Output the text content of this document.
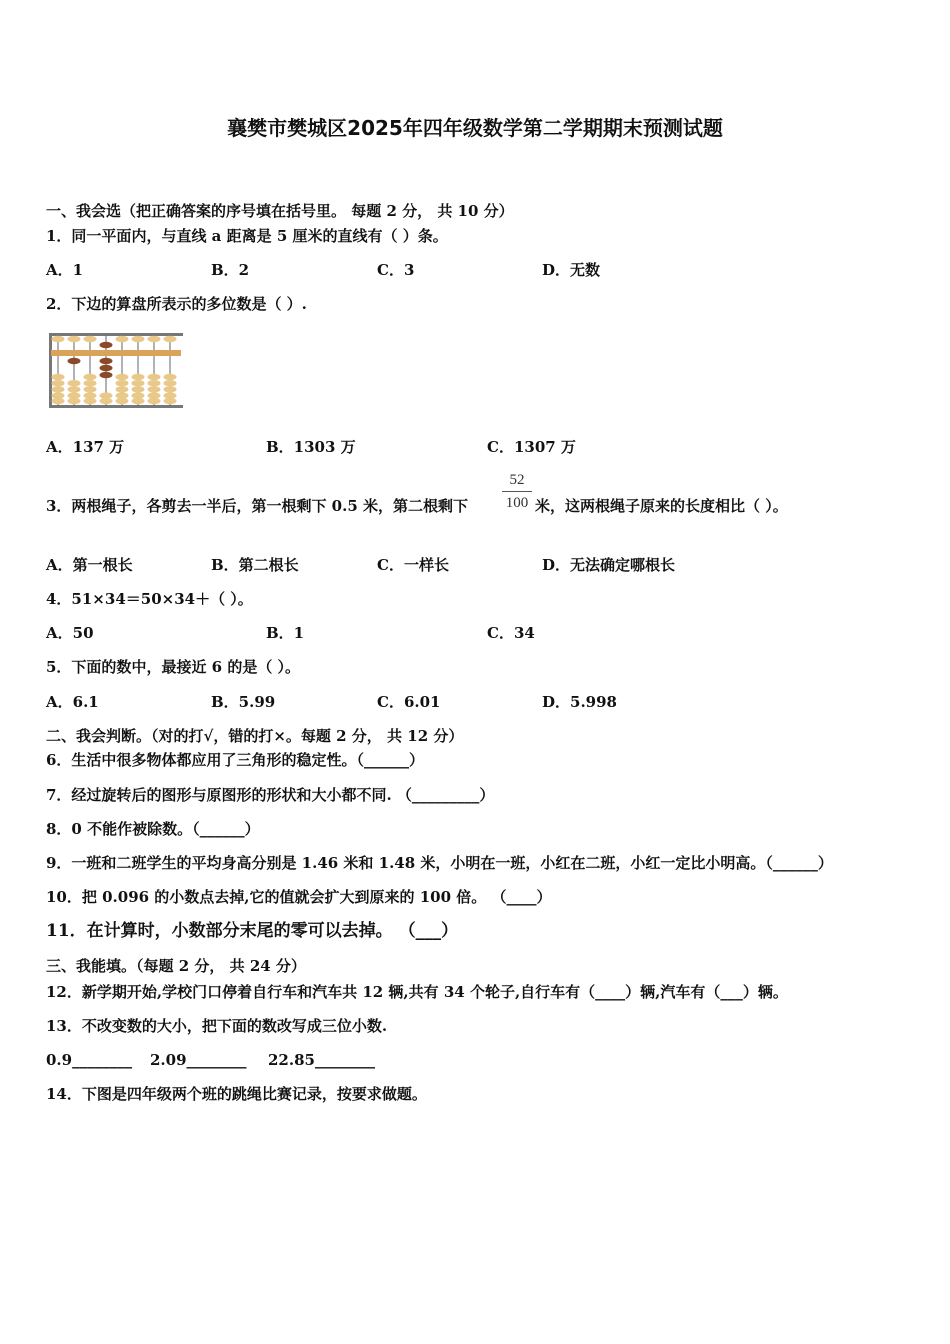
襄樊市樊城区2025年四年级数学第二学期期末预测试题
一、我会选（把正确答案的序号填在括号里。 每题 2 分， 共 10 分）
1．同一平面内，与直线 a 距离是 5 厘米的直线有（ ）条。
A．1	B．2	C．3	D．无数
2．下边的算盘所表示的多位数是（ ）.
A．137 万	B．1303 万	C．1307 万
52
100
3．两根绳子，各剪去一半后，第一根剩下 0.5 米，第二根剩下	米，这两根绳子原来的长度相比（ ）。
A．第一根长	B．第二根长	C．一样长	D．无法确定哪根长
4．51×34＝50×34＋（ ）。
A．50	B．1	C．34
5．下面的数中，最接近 6 的是（ ）。
A．6.1	B．5.99	C．6.01	D．5.998
二、我会判断。（对的打√，错的打×。每题 2 分， 共 12 分）
6．生活中很多物体都应用了三角形的稳定性。（______）
7．经过旋转后的图形与原图形的形状和大小都不同. （_________）
8．0 不能作被除数。（______）
9．一班和二班学生的平均身高分别是 1.46 米和 1.48 米，小明在一班，小红在二班，小红一定比小明高。（______）
10．把 0.096 的小数点去掉,它的值就会扩大到原来的 100 倍。 （____）
11．在计算时，小数部分末尾的零可以去掉。 （___）
三、我能填。（每题 2 分， 共 24 分）
12．新学期开始,学校门口停着自行车和汽车共 12 辆,共有 34 个轮子,自行车有（____）辆,汽车有（___）辆。
13．不改变数的大小，把下面的数改写成三位小数.
0.9________ 2.09________ 22.85________
14．下图是四年级两个班的跳绳比赛记录，按要求做题。
